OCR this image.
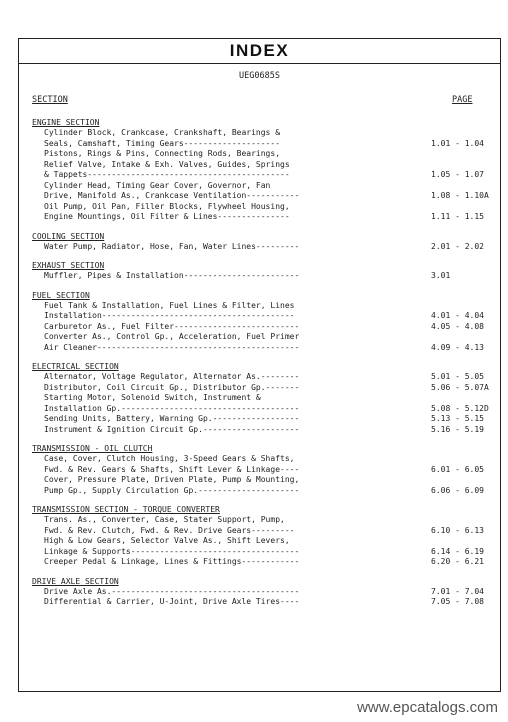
INDEX
UEG0685S
SECTION	PAGE
ENGINE SECTION
Cylinder Block, Crankcase, Crankshaft, Bearings &
Seals, Camshaft, Timing Gears--------------------	1.01 - 1.04
Pistons, Rings & Pins, Connecting Rods, Bearings,
Relief Valve, Intake & Exh. Valves, Guides, Springs
& Tappets------------------------------------------	1.05 - 1.07
Cylinder Head, Timing Gear Cover, Governor, Fan
Drive, Manifold As., Crankcase Ventilation-----------	1.08 - 1.10A
Oil Pump, Oil Pan, Filler Blocks, Flywheel Housing,
Engine Mountings, Oil Filter & Lines---------------	1.11 - 1.15
COOLING SECTION
Water Pump, Radiator, Hose, Fan, Water Lines---------	2.01 - 2.02
EXHAUST SECTION
Muffler, Pipes & Installation------------------------	3.01
FUEL SECTION
Fuel Tank & Installation, Fuel Lines & Filter, Lines
Installation----------------------------------------	4.01 - 4.04
Carburetor As., Fuel Filter--------------------------	4.05 - 4.08
Converter As., Control Gp., Acceleration, Fuel Primer
Air Cleaner------------------------------------------	4.09 - 4.13
ELECTRICAL SECTION
Alternator, Voltage Regulator, Alternator As.--------	5.01 - 5.05
Distributor, Coil Circuit Gp., Distributor Gp.-------	5.06 - 5.07A
Starting Motor, Solenoid Switch, Instrument &
Installation Gp.-------------------------------------	5.08 - 5.12D
Sending Units, Battery, Warning Gp.------------------	5.13 - 5.15
Instrument & Ignition Circuit Gp.--------------------	5.16 - 5.19
TRANSMISSION - OIL CLUTCH
Case, Cover, Clutch Housing, 3-Speed Gears & Shafts,
Fwd. & Rev. Gears & Shafts, Shift Lever & Linkage----	6.01 - 6.05
Cover, Pressure Plate, Driven Plate, Pump & Mounting,
Pump Gp., Supply Circulation Gp.---------------------	6.06 - 6.09
TRANSMISSION SECTION - TORQUE CONVERTER
Trans. As., Converter, Case, Stater Support, Pump,
Fwd. & Rev. Clutch, Fwd. & Rev. Drive Gears---------	6.10 - 6.13
High & Low Gears, Selector Valve As., Shift Levers,
Linkage & Supports-----------------------------------	6.14 - 6.19
Creeper Pedal & Linkage, Lines & Fittings------------	6.20 - 6.21
DRIVE AXLE SECTION
Drive Axle As.---------------------------------------	7.01 - 7.04
Differential & Carrier, U-Joint, Drive Axle Tires----	7.05 - 7.08
www.epcatalogs.com
